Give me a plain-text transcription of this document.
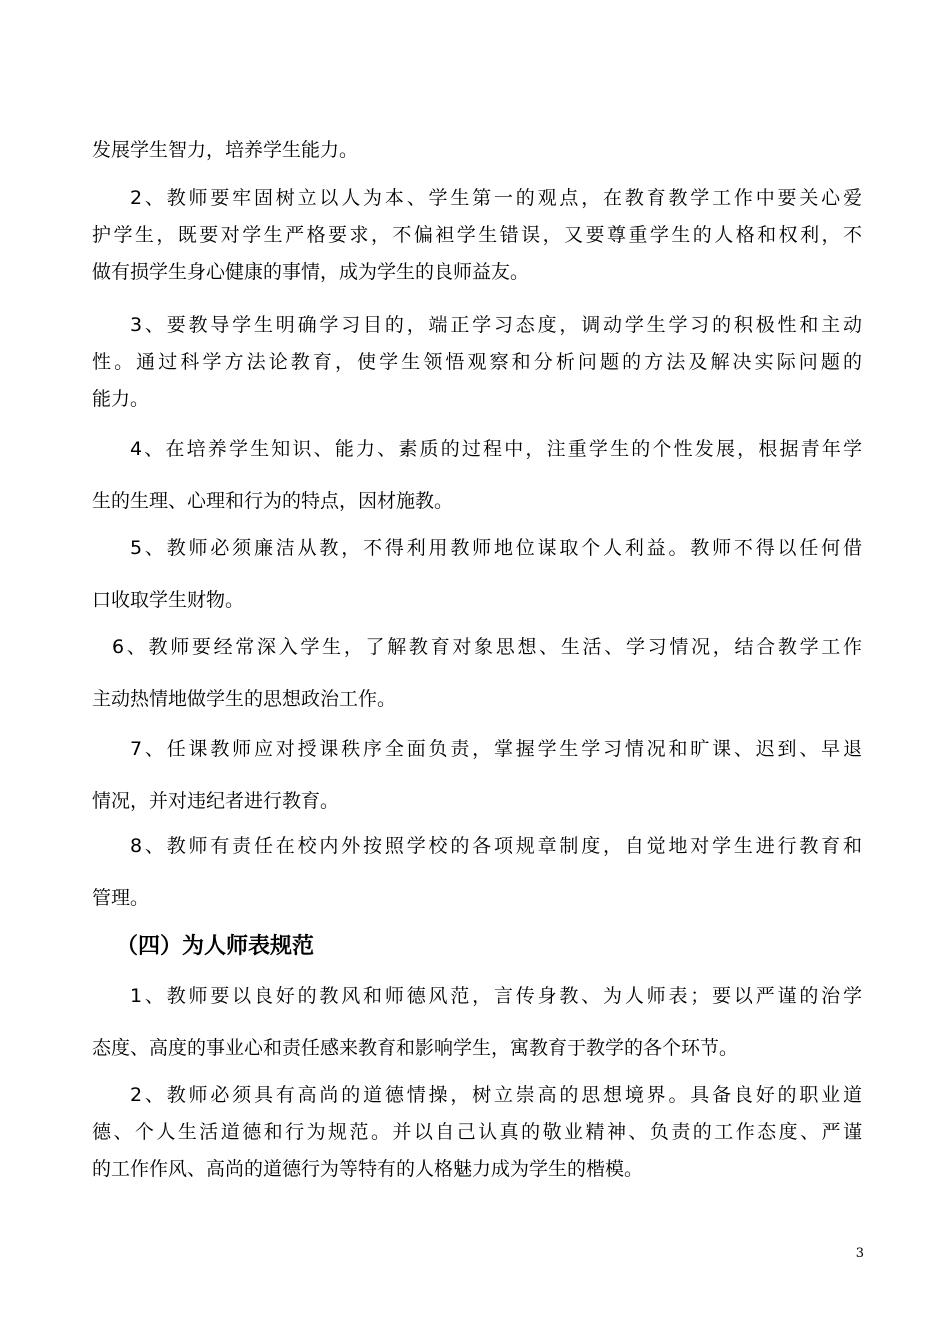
发展学生智力，培养学生能力。
2、教师要牢固树立以人为本、学生第一的观点，在教育教学工作中要关心爱
护学生，既要对学生严格要求，不偏袒学生错误，又要尊重学生的人格和权利，不
做有损学生身心健康的事情，成为学生的良师益友。
3、要教导学生明确学习目的，端正学习态度，调动学生学习的积极性和主动
性。通过科学方法论教育，使学生领悟观察和分析问题的方法及解决实际问题的
能力。
4、在培养学生知识、能力、素质的过程中，注重学生的个性发展，根据青年学
生的生理、心理和行为的特点，因材施教。
5、教师必须廉洁从教，不得利用教师地位谋取个人利益。教师不得以任何借
口收取学生财物。
6、教师要经常深入学生，了解教育对象思想、生活、学习情况，结合教学工作
主动热情地做学生的思想政治工作。
7、任课教师应对授课秩序全面负责，掌握学生学习情况和旷课、迟到、早退
情况，并对违纪者进行教育。
8、教师有责任在校内外按照学校的各项规章制度，自觉地对学生进行教育和
管理。
（四）为人师表规范
1、教师要以良好的教风和师德风范，言传身教、为人师表；要以严谨的治学
态度、高度的事业心和责任感来教育和影响学生，寓教育于教学的各个环节。
2、教师必须具有高尚的道德情操，树立崇高的思想境界。具备良好的职业道
德、个人生活道德和行为规范。并以自己认真的敬业精神、负责的工作态度、严谨
的工作作风、高尚的道德行为等特有的人格魅力成为学生的楷模。
3
